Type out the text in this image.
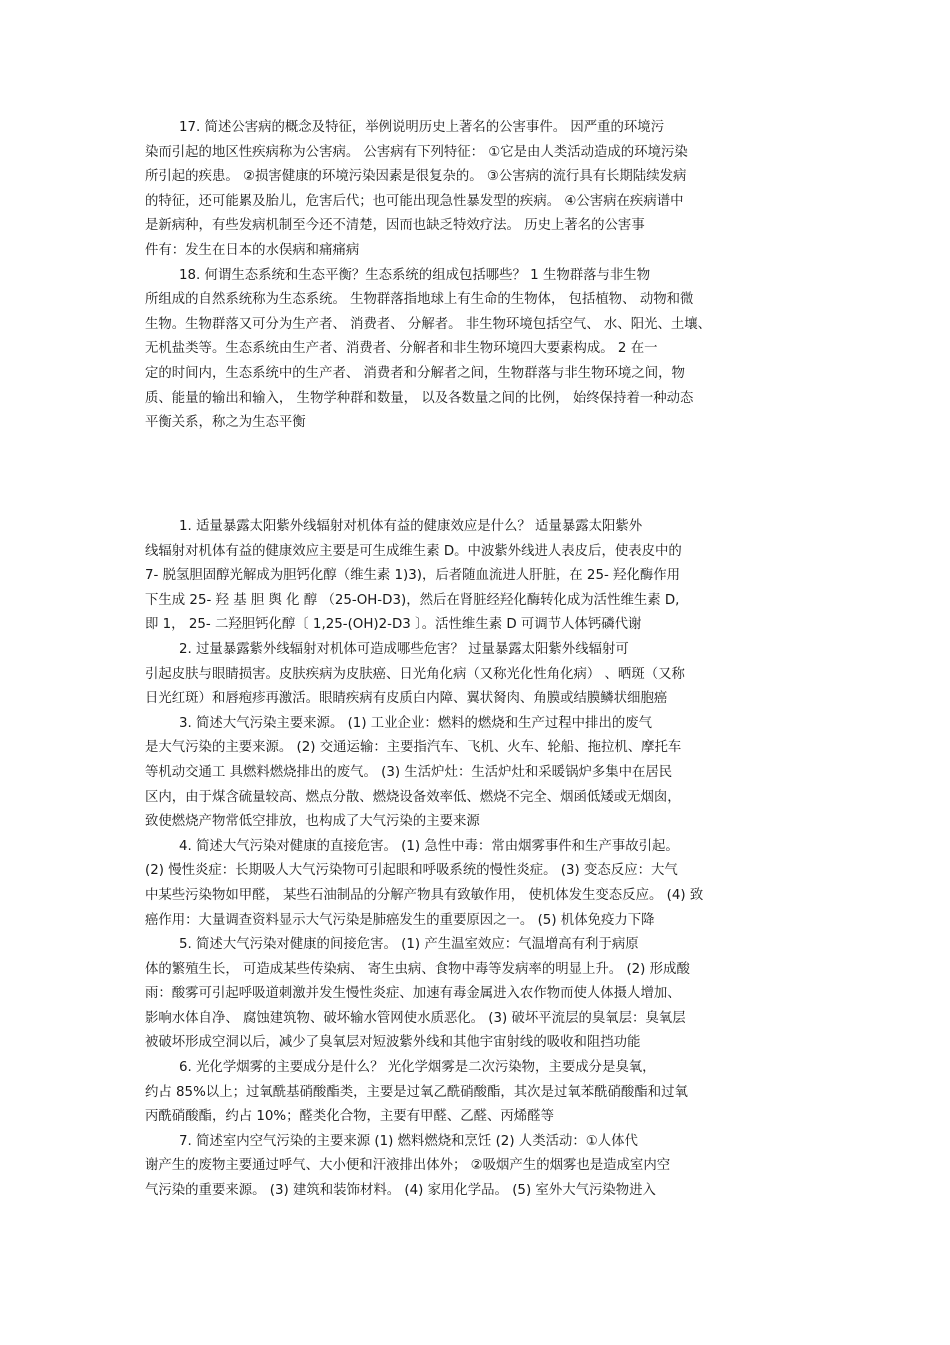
17. 简述公害病的概念及特征，举例说明历史上著名的公害事件。 因严重的环境污
染而引起的地区性疾病称为公害病。 公害病有下列特征： ①它是由人类活动造成的环境污染
所引起的疾患。 ②损害健康的环境污染因素是很复杂的。 ③公害病的流行具有长期陆续发病
的特征，还可能累及胎儿，危害后代；也可能出现急性暴发型的疾病。 ④公害病在疾病谱中
是新病种，有些发病机制至今还不清楚，因而也缺乏特效疗法。 历史上著名的公害事
件有：发生在日本的水俣病和痛痛病
18. 何谓生态系统和生态平衡？生态系统的组成包括哪些？ 1 生物群落与非生物
所组成的自然系统称为生态系统。 生物群落指地球上有生命的生物体， 包括植物、 动物和微
生物。生物群落又可分为生产者、 消费者、 分解者。 非生物环境包括空气、 水、阳光、土壤、
无机盐类等。生态系统由生产者、消费者、分解者和非生物环境四大要素构成。 2 在一
定的时间内，生态系统中的生产者、 消费者和分解者之间，生物群落与非生物环境之间，物
质、能量的输出和输入， 生物学种群和数量， 以及各数量之间的比例， 始终保持着一种动态
平衡关系，称之为生态平衡
1. 适量暴露太阳紫外线辐射对机体有益的健康效应是什么？ 适量暴露太阳紫外
线辐射对机体有益的健康效应主要是可生成维生素 D。中波紫外线进人表皮后，使表皮中的
7- 脱氢胆固醇光解成为胆钙化醇（维生素 1)3)，后者随血流进人肝脏，在 25- 羟化酶作用
下生成 25- 羟 基 胆 舆 化 醇 （25-OH-D3)，然后在肾脏经羟化酶转化成为活性维生素 D,
即 1， 25- 二羟胆钙化醇〔 1,25-(OH)2-D3 〕。活性维生素 D 可调节人体钙磷代谢
2. 过量暴露紫外线辐射对机体可造成哪些危害？ 过量暴露太阳紫外线辐射可
引起皮肤与眼睛损害。皮肤疾病为皮肤癌、日光角化病（又称光化性角化病） 、晒斑（又称
日光红斑）和唇疱疹再激活。眼睛疾病有皮质白内障、翼状胬肉、角膜或结膜鳞状细胞癌
3. 简述大气污染主要来源。 (1) 工业企业：燃料的燃烧和生产过程中排出的废气
是大气污染的主要来源。 (2) 交通运输：主要指汽车、飞机、火车、轮船、拖拉机、摩托车
等机动交通工 具燃料燃烧排出的废气。 (3) 生活炉灶：生活炉灶和采暖锅炉多集中在居民
区内，由于煤含硫量较高、燃点分散、燃烧设备效率低、燃烧不完全、烟函低矮或无烟囱，
致使燃烧产物常低空排放，也构成了大气污染的主要来源
4. 简述大气污染对健康的直接危害。 (1) 急性中毒：常由烟雾事件和生产事故引起。
(2) 慢性炎症：长期吸人大气污染物可引起眼和呼吸系统的慢性炎症。 (3) 变态反应：大气
中某些污染物如甲醛， 某些石油制品的分解产物具有致敏作用， 使机体发生变态反应。 (4) 致
癌作用：大量调查资料显示大气污染是肺癌发生的重要原因之一。 (5) 机体免疫力下降
5. 简述大气污染对健康的间接危害。 (1) 产生温室效应：气温增高有利于病原
体的繁殖生长， 可造成某些传染病、 寄生虫病、食物中毒等发病率的明显上升。 (2) 形成酸
雨：酸雾可引起呼吸道刺激并发生慢性炎症、加速有毒金属进入农作物而使人体摄人增加、
影响水体自净、 腐蚀建筑物、破坏输水管网使水质恶化。 (3) 破坏平流层的臭氧层：臭氧层
被破坏形成空洞以后，减少了臭氧层对短波紫外线和其他宇宙射线的吸收和阻挡功能
6. 光化学烟雾的主要成分是什么？ 光化学烟雾是二次污染物，主要成分是臭氧，
约占 85%以上；过氧酰基硝酸酯类，主要是过氧乙酰硝酸酯，其次是过氧苯酰硝酸酯和过氧
丙酰硝酸酯，约占 10%；醛类化合物，主要有甲醛、乙醛、丙烯醛等
7. 简述室内空气污染的主要来源 (1) 燃料燃烧和烹饪 (2) 人类活动：①人体代
谢产生的废物主要通过呼气、大小便和汗液排出体外； ②吸烟产生的烟雾也是造成室内空
气污染的重要来源。 (3) 建筑和装饰材料。 (4) 家用化学品。 (5) 室外大气污染物进入
